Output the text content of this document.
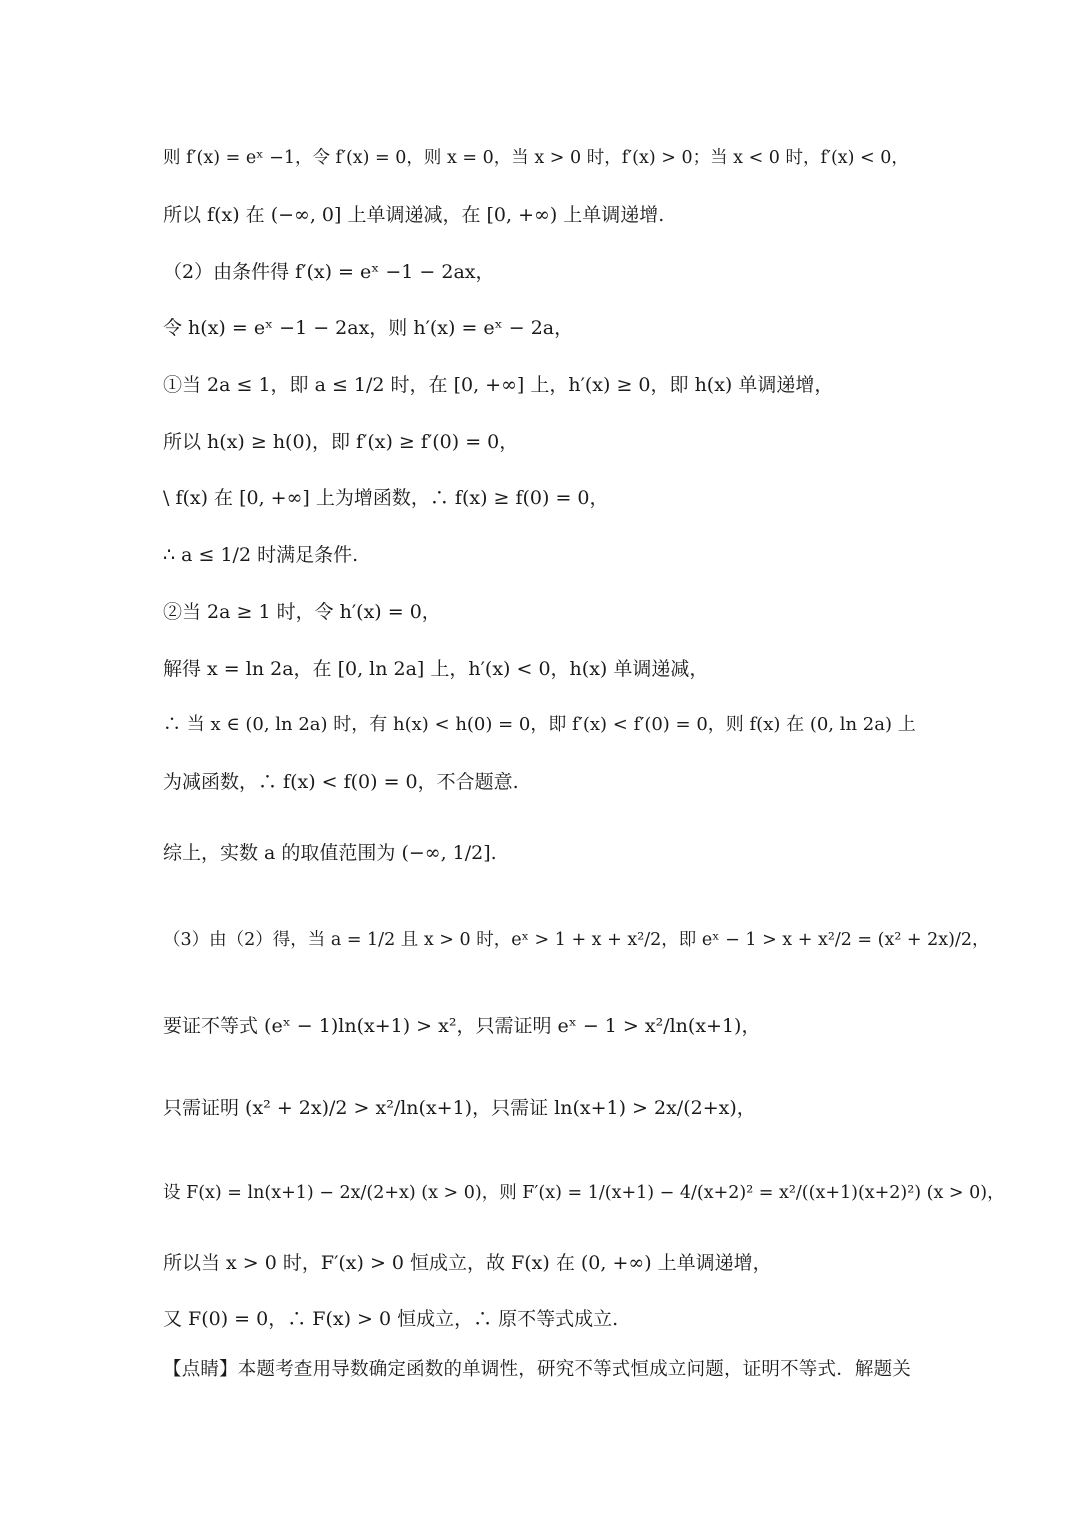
则 f′(x) = eˣ −1，令 f′(x) = 0，则 x = 0，当 x > 0 时，f′(x) > 0；当 x < 0 时，f′(x) < 0，
所以 f(x) 在 (−∞, 0] 上单调递减，在 [0, +∞) 上单调递增.
（2）由条件得 f′(x) = eˣ −1 − 2ax，
令 h(x) = eˣ −1 − 2ax，则 h′(x) = eˣ − 2a，
①当 2a ≤ 1，即 a ≤ 1/2 时，在 [0, +∞] 上，h′(x) ≥ 0，即 h(x) 单调递增，
所以 h(x) ≥ h(0)，即 f′(x) ≥ f′(0) = 0，
\ f(x) 在 [0, +∞] 上为增函数，∴ f(x) ≥ f(0) = 0，
∴ a ≤ 1/2 时满足条件.
②当 2a ≥ 1 时，令 h′(x) = 0，
解得 x = ln 2a，在 [0, ln 2a] 上，h′(x) < 0，h(x) 单调递减，
∴ 当 x ∈ (0, ln 2a) 时，有 h(x) < h(0) = 0，即 f′(x) < f′(0) = 0，则 f(x) 在 (0, ln 2a) 上
为减函数，∴ f(x) < f(0) = 0，不合题意.
综上，实数 a 的取值范围为 (−∞, 1/2].
（3）由（2）得，当 a = 1/2 且 x > 0 时，eˣ > 1 + x + x²/2，即 eˣ − 1 > x + x²/2 = (x² + 2x)/2，
要证不等式 (eˣ − 1)ln(x+1) > x²，只需证明 eˣ − 1 > x²/ln(x+1)，
只需证明 (x² + 2x)/2 > x²/ln(x+1)，只需证 ln(x+1) > 2x/(2+x)，
设 F(x) = ln(x+1) − 2x/(2+x) (x > 0)，则 F′(x) = 1/(x+1) − 4/(x+2)² = x²/((x+1)(x+2)²) (x > 0)，
所以当 x > 0 时，F′(x) > 0 恒成立，故 F(x) 在 (0, +∞) 上单调递增，
又 F(0) = 0，∴ F(x) > 0 恒成立，∴ 原不等式成立.
【点睛】本题考查用导数确定函数的单调性，研究不等式恒成立问题，证明不等式．解题关
